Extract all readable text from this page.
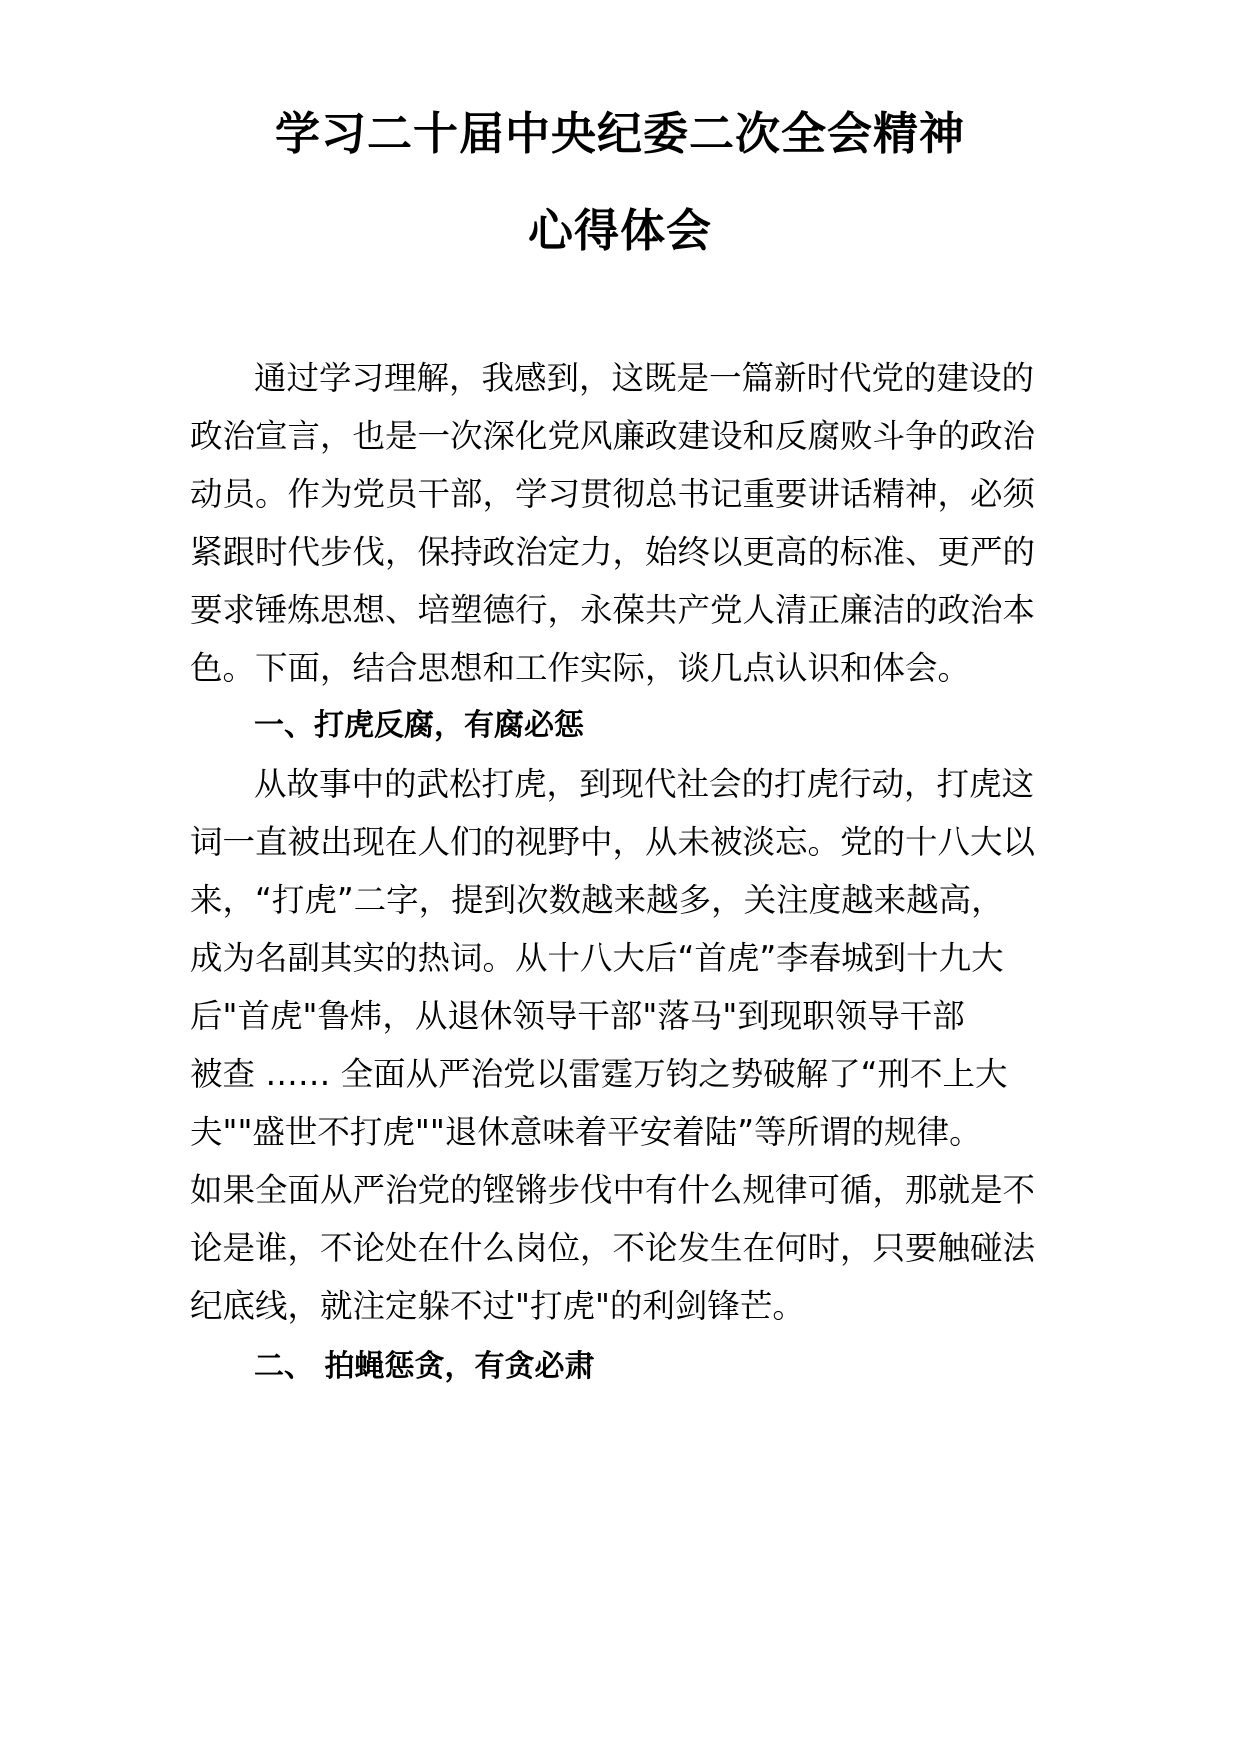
学习二十届中央纪委二次全会精神
心得体会
通过学习理解，我感到，这既是一篇新时代党的建设的
政治宣言，也是一次深化党风廉政建设和反腐败斗争的政治
动员。作为党员干部，学习贯彻总书记重要讲话精神，必须
紧跟时代步伐，保持政治定力，始终以更高的标准、更严的
要求锤炼思想、培塑德行，永葆共产党人清正廉洁的政治本
色。下面，结合思想和工作实际，谈几点认识和体会。
一、打虎反腐，有腐必惩
从故事中的武松打虎，到现代社会的打虎行动，打虎这
词一直被出现在人们的视野中，从未被淡忘。党的十八大以
来，“打虎”二字，提到次数越来越多，关注度越来越高，
成为名副其实的热词。从十八大后“首虎”李春城到十九大
后"首虎"鲁炜，从退休领导干部"落马"到现职领导干部
被查 …… 全面从严治党以雷霆万钧之势破解了“刑不上大
夫""盛世不打虎""退休意味着平安着陆”等所谓的规律。
如果全面从严治党的铿锵步伐中有什么规律可循，那就是不
论是谁，不论处在什么岗位，不论发生在何时，只要触碰法
纪底线，就注定躲不过"打虎"的利剑锋芒。
二、 拍蝇惩贪，有贪必肃
